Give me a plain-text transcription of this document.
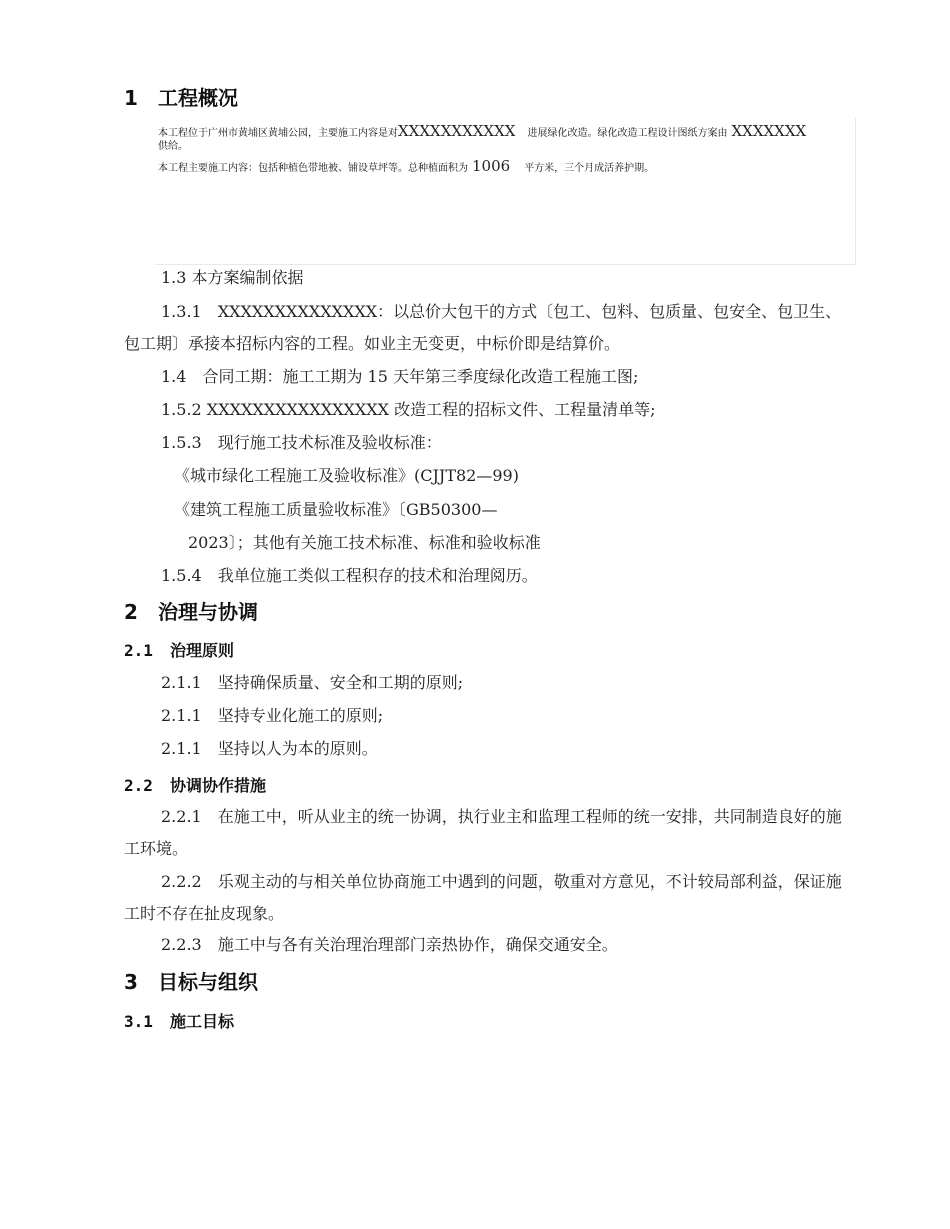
1 工程概况
本工程位于广州市黄埔区黄埔公园，主要施工内容是对XXXXXXXXXXX 进展绿化改造。绿化改造工程设计图纸方案由 XXXXXXX
供给。
本工程主要施工内容：包括种植色带地被、铺设草坪等。总种植面积为 1006 平方米，三个月成活养护期。
1.3 本方案编制依据
1.3.1　XXXXXXXXXXXXXX：以总价大包干的方式〔包工、包料、包质量、包安全、包卫生、包工期〕承接本招标内容的工程。如业主无变更，中标价即是结算价。
1.4　合同工期：施工工期为 15 天年第三季度绿化改造工程施工图;
1.5.2 XXXXXXXXXXXXXXXX 改造工程的招标文件、工程量清单等;
1.5.3　现行施工技术标准及验收标准：
《城市绿化工程施工及验收标准》(CJJT82—99)
《建筑工程施工质量验收标准》〔GB50300—
2023〕；其他有关施工技术标准、标准和验收标准
1.5.4　我单位施工类似工程积存的技术和治理阅历。
2 治理与协调
2.1 治理原则
2.1.1　坚持确保质量、安全和工期的原则;
2.1.1　坚持专业化施工的原则;
2.1.1　坚持以人为本的原则。
2.2 协调协作措施
2.2.1　在施工中，听从业主的统一协调，执行业主和监理工程师的统一安排，共同制造良好的施工环境。
2.2.2　乐观主动的与相关单位协商施工中遇到的问题，敬重对方意见，不计较局部利益，保证施工时不存在扯皮现象。
2.2.3　施工中与各有关治理治理部门亲热协作，确保交通安全。
3 目标与组织
3.1 施工目标
